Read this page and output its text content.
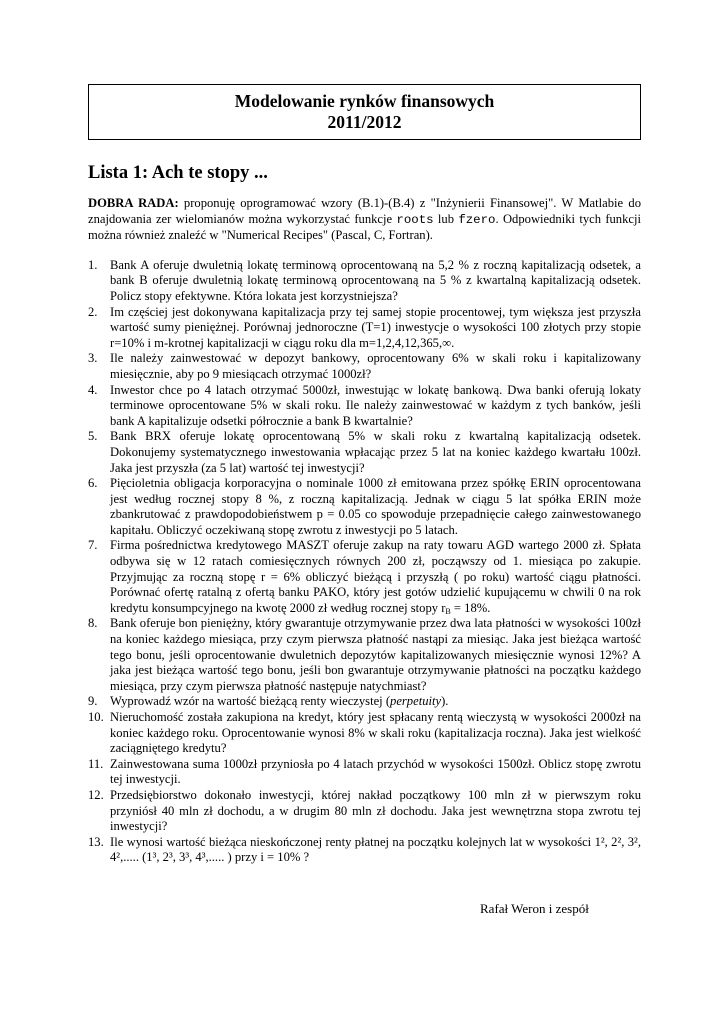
Modelowanie rynków finansowych
2011/2012
Lista 1: Ach te stopy ...
DOBRA RADA: proponuję oprogramować wzory (B.1)-(B.4) z "Inżynierii Finansowej". W Matlabie do znajdowania zer wielomianów można wykorzystać funkcje roots lub fzero. Odpowiedniki tych funkcji można również znaleźć w "Numerical Recipes" (Pascal, C, Fortran).
1. Bank A oferuje dwuletnią lokatę terminową oprocentowaną na 5,2 % z roczną kapitalizacją odsetek, a bank B oferuje dwuletnią lokatę terminową oprocentowaną na 5 % z kwartalną kapitalizacją odsetek. Policz stopy efektywne. Która lokata jest korzystniejsza?
2. Im częściej jest dokonywana kapitalizacja przy tej samej stopie procentowej, tym większa jest przyszła wartość sumy pieniężnej. Porównaj jednoroczne (T=1) inwestycje o wysokości 100 złotych przy stopie r=10% i m-krotnej kapitalizacji w ciągu roku dla m=1,2,4,12,365,∞.
3. Ile należy zainwestować w depozyt bankowy, oprocentowany 6% w skali roku i kapitalizowany miesięcznie, aby po 9 miesiącach otrzymać 1000zł?
4. Inwestor chce po 4 latach otrzymać 5000zł, inwestując w lokatę bankową. Dwa banki oferują lokaty terminowe oprocentowane 5% w skali roku. Ile należy zainwestować w każdym z tych banków, jeśli bank A kapitalizuje odsetki półrocznie a bank B kwartalnie?
5. Bank BRX oferuje lokatę oprocentowaną 5% w skali roku z kwartalną kapitalizacją odsetek. Dokonujemy systematycznego inwestowania wpłacając przez 5 lat na koniec każdego kwartału 100zł. Jaka jest przyszła (za 5 lat) wartość tej inwestycji?
6. Pięcioletnia obligacja korporacyjna o nominale 1000 zł emitowana przez spółkę ERIN oprocentowana jest według rocznej stopy 8 %, z roczną kapitalizacją. Jednak w ciągu 5 lat spółka ERIN może zbankrutować z prawdopodobieństwem p = 0.05 co spowoduje przepadnięcie całego zainwestowanego kapitału. Obliczyć oczekiwaną stopę zwrotu z inwestycji po 5 latach.
7. Firma pośrednictwa kredytowego MASZT oferuje zakup na raty towaru AGD wartego 2000 zł. Spłata odbywa się w 12 ratach comiesięcznych równych 200 zł, począwszy od 1. miesiąca po zakupie. Przyjmując za roczną stopę r = 6% obliczyć bieżącą i przyszłą ( po roku) wartość ciągu płatności. Porównać ofertę ratalną z ofertą banku PAKO, który jest gotów udzielić kupującemu w chwili 0 na rok kredytu konsumpcyjnego na kwotę 2000 zł według rocznej stopy $r_B = 18\%$.
8. Bank oferuje bon pieniężny, który gwarantuje otrzymywanie przez dwa lata płatności w wysokości 100zł na koniec każdego miesiąca, przy czym pierwsza płatność nastąpi za miesiąc. Jaka jest bieżąca wartość tego bonu, jeśli oprocentowanie dwuletnich depozytów kapitalizowanych miesięcznie wynosi 12%? A jaka jest bieżąca wartość tego bonu, jeśli bon gwarantuje otrzymywanie płatności na początku każdego miesiąca, przy czym pierwsza płatność następuje natychmiast?
9. Wyprowadź wzór na wartość bieżącą renty wieczystej (perpetuity).
10. Nieruchomość została zakupiona na kredyt, który jest spłacany rentą wieczystą w wysokości 2000zł na koniec każdego roku. Oprocentowanie wynosi 8% w skali roku (kapitalizacja roczna). Jaka jest wielkość zaciągniętego kredytu?
11. Zainwestowana suma 1000zł przyniosła po 4 latach przychód w wysokości 1500zł. Oblicz stopę zwrotu tej inwestycji.
12. Przedsiębiorstwo dokonało inwestycji, której nakład początkowy 100 mln zł w pierwszym roku przyniósł 40 mln zł dochodu, a w drugim 80 mln zł dochodu. Jaka jest wewnętrzna stopa zwrotu tej inwestycji?
13. Ile wynosi wartość bieżąca nieskończonej renty płatnej na początku kolejnych lat w wysokości 1², 2², 3², 4²,..... (1³, 2³, 3³, 4³,..... ) przy i = 10% ?
Rafał Weron i zespół
